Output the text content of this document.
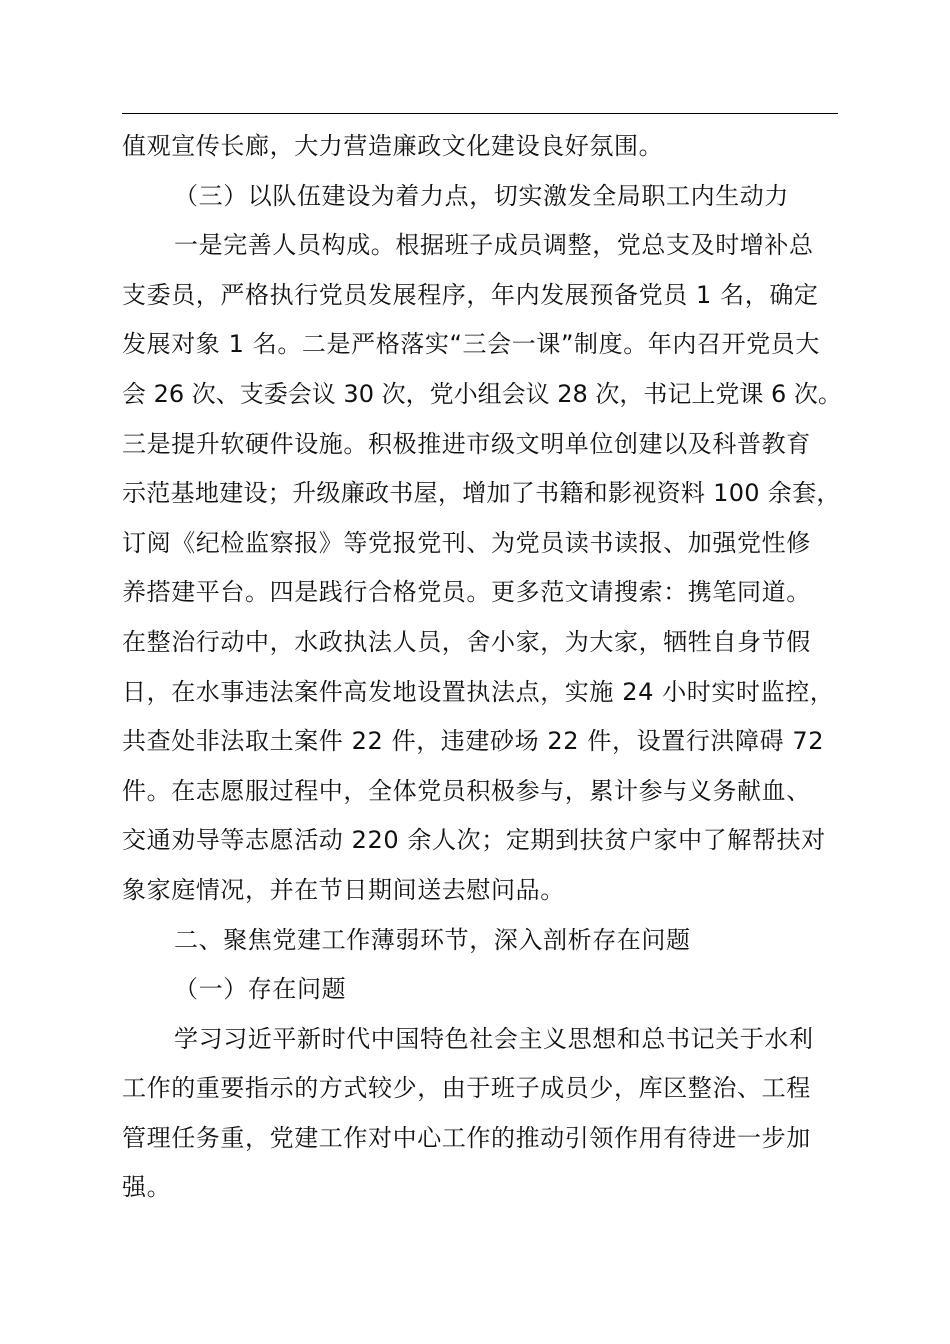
值观宣传长廊，大力营造廉政文化建设良好氛围。
（三）以队伍建设为着力点，切实激发全局职工内生动力
一是完善人员构成。根据班子成员调整，党总支及时增补总
支委员，严格执行党员发展程序，年内发展预备党员 1 名，确定
发展对象 1 名。二是严格落实“三会一课”制度。年内召开党员大
会 26 次、支委会议 30 次，党小组会议 28 次，书记上党课 6 次。
三是提升软硬件设施。积极推进市级文明单位创建以及科普教育
示范基地建设；升级廉政书屋，增加了书籍和影视资料 100 余套，
订阅《纪检监察报》等党报党刊、为党员读书读报、加强党性修
养搭建平台。四是践行合格党员。更多范文请搜索：携笔同道。
在整治行动中，水政执法人员，舍小家，为大家，牺牲自身节假
日，在水事违法案件高发地设置执法点，实施 24 小时实时监控，
共查处非法取土案件 22 件，违建砂场 22 件，设置行洪障碍 72
件。在志愿服过程中，全体党员积极参与，累计参与义务献血、
交通劝导等志愿活动 220 余人次；定期到扶贫户家中了解帮扶对
象家庭情况，并在节日期间送去慰问品。
二、聚焦党建工作薄弱环节，深入剖析存在问题
（一）存在问题
学习习近平新时代中国特色社会主义思想和总书记关于水利
工作的重要指示的方式较少，由于班子成员少，库区整治、工程
管理任务重，党建工作对中心工作的推动引领作用有待进一步加
强。
